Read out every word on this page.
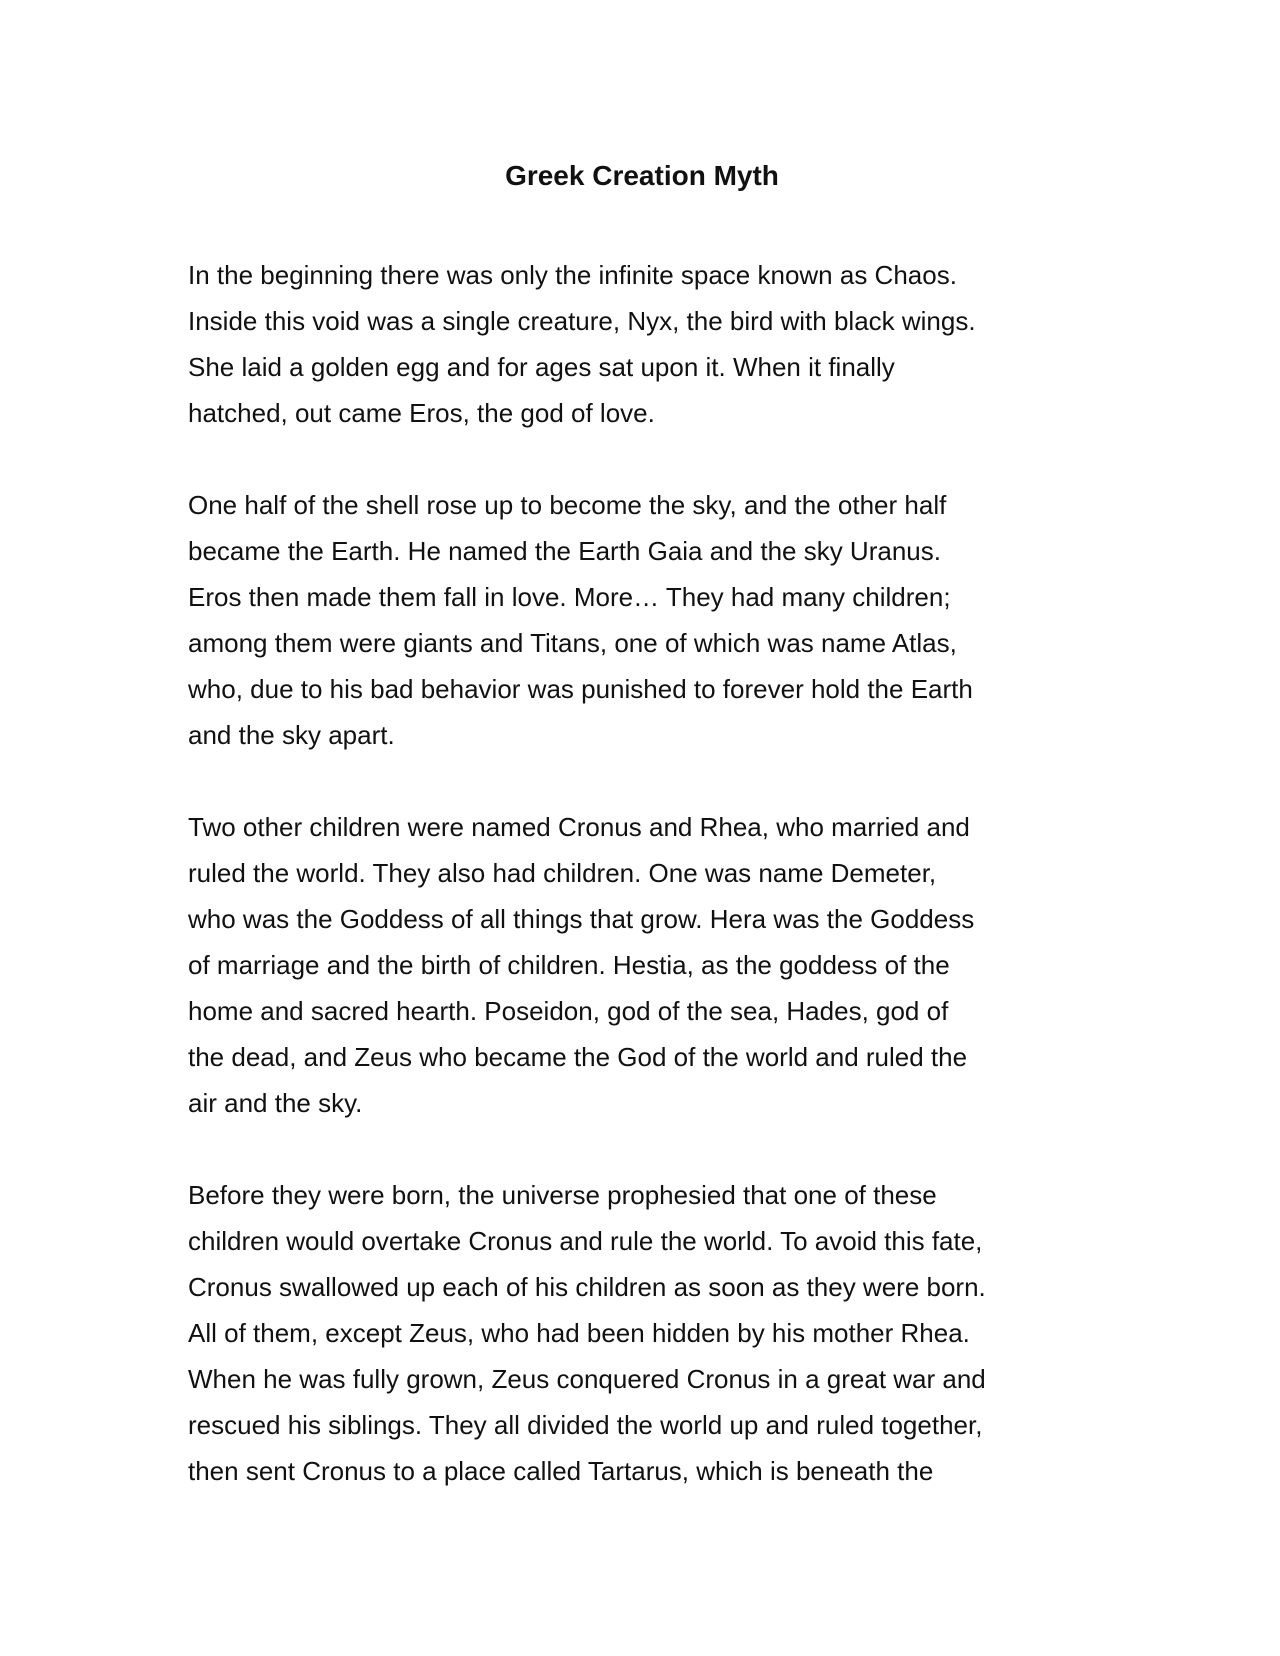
Greek Creation Myth

In the beginning there was only the infinite space known as Chaos.
Inside this void was a single creature, Nyx, the bird with black wings.
She laid a golden egg and for ages sat upon it. When it finally
hatched, out came Eros, the god of love.

One half of the shell rose up to become the sky, and the other half
became the Earth. He named the Earth Gaia and the sky Uranus.
Eros then made them fall in love. More… They had many children;
among them were giants and Titans, one of which was name Atlas,
who, due to his bad behavior was punished to forever hold the Earth
and the sky apart.

Two other children were named Cronus and Rhea, who married and
ruled the world. They also had children. One was name Demeter,
who was the Goddess of all things that grow. Hera was the Goddess
of marriage and the birth of children. Hestia, as the goddess of the
home and sacred hearth. Poseidon, god of the sea, Hades, god of
the dead, and Zeus who became the God of the world and ruled the
air and the sky.

Before they were born, the universe prophesied that one of these
children would overtake Cronus and rule the world. To avoid this fate,
Cronus swallowed up each of his children as soon as they were born.
All of them, except Zeus, who had been hidden by his mother Rhea.
When he was fully grown, Zeus conquered Cronus in a great war and
rescued his siblings. They all divided the world up and ruled together,
then sent Cronus to a place called Tartarus, which is beneath the
